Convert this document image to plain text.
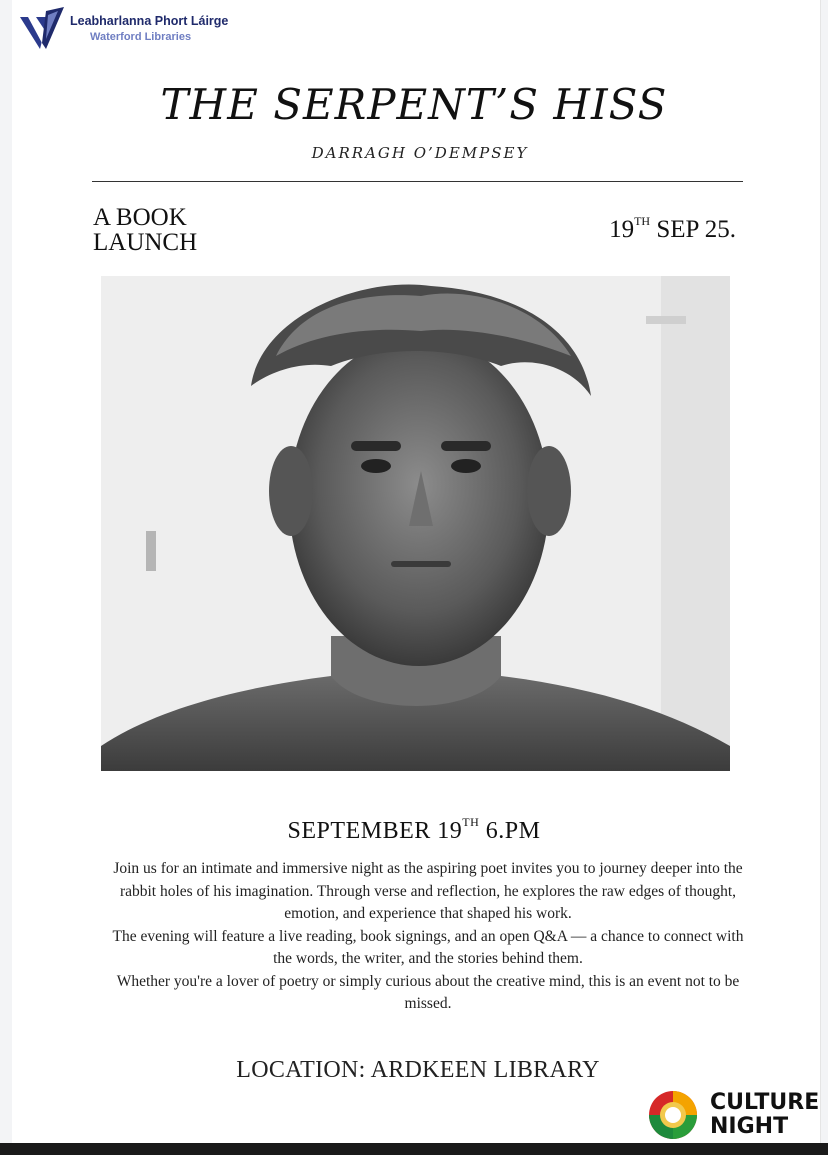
Leabharlanna Phort Láirge
Waterford Libraries
THE SERPENT’S HISS
DARRAGH O’DEMPSEY
A BOOK
LAUNCH	19TH SEP 25.
SEPTEMBER 19TH 6.PM

Join us for an intimate and immersive night as the aspiring poet invites you to journey deeper into the rabbit holes of his imagination. Through verse and reflection, he explores the raw edges of thought, emotion, and experience that shaped his work.

The evening will feature a live reading, book signings, and an open Q&A — a chance to connect with the words, the writer, and the stories behind them.

Whether you're a lover of poetry or simply curious about the creative mind, this is an event not to be missed.

LOCATION: ARDKEEN LIBRARY
CULTURE
NIGHT
